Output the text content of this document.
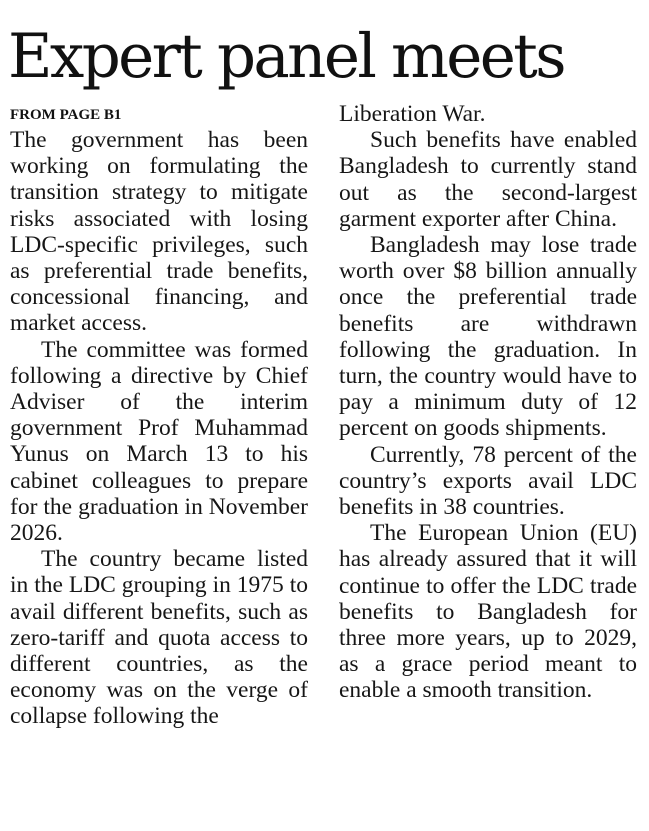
Expert panel meets
FROM PAGE B1

The government has been working on formulating the transition strategy to mitigate risks associated with losing LDC-specific privileges, such as preferential trade benefits, concessional financing, and market access.

The committee was formed following a directive by Chief Adviser of the interim government Prof Muhammad Yunus on March 13 to his cabinet colleagues to prepare for the graduation in November 2026.

The country became listed in the LDC grouping in 1975 to avail different benefits, such as zero-tariff and quota access to different countries, as the economy was on the verge of collapse following the

Liberation War.

Such benefits have enabled Bangladesh to currently stand out as the second-largest garment exporter after China.

Bangladesh may lose trade worth over $8 billion annually once the preferential trade benefits are withdrawn following the graduation. In turn, the country would have to pay a minimum duty of 12 percent on goods shipments.

Currently, 78 percent of the country’s exports avail LDC benefits in 38 countries.

The European Union (EU) has already assured that it will continue to offer the LDC trade benefits to Bangladesh for three more years, up to 2029, as a grace period meant to enable a smooth transition.
